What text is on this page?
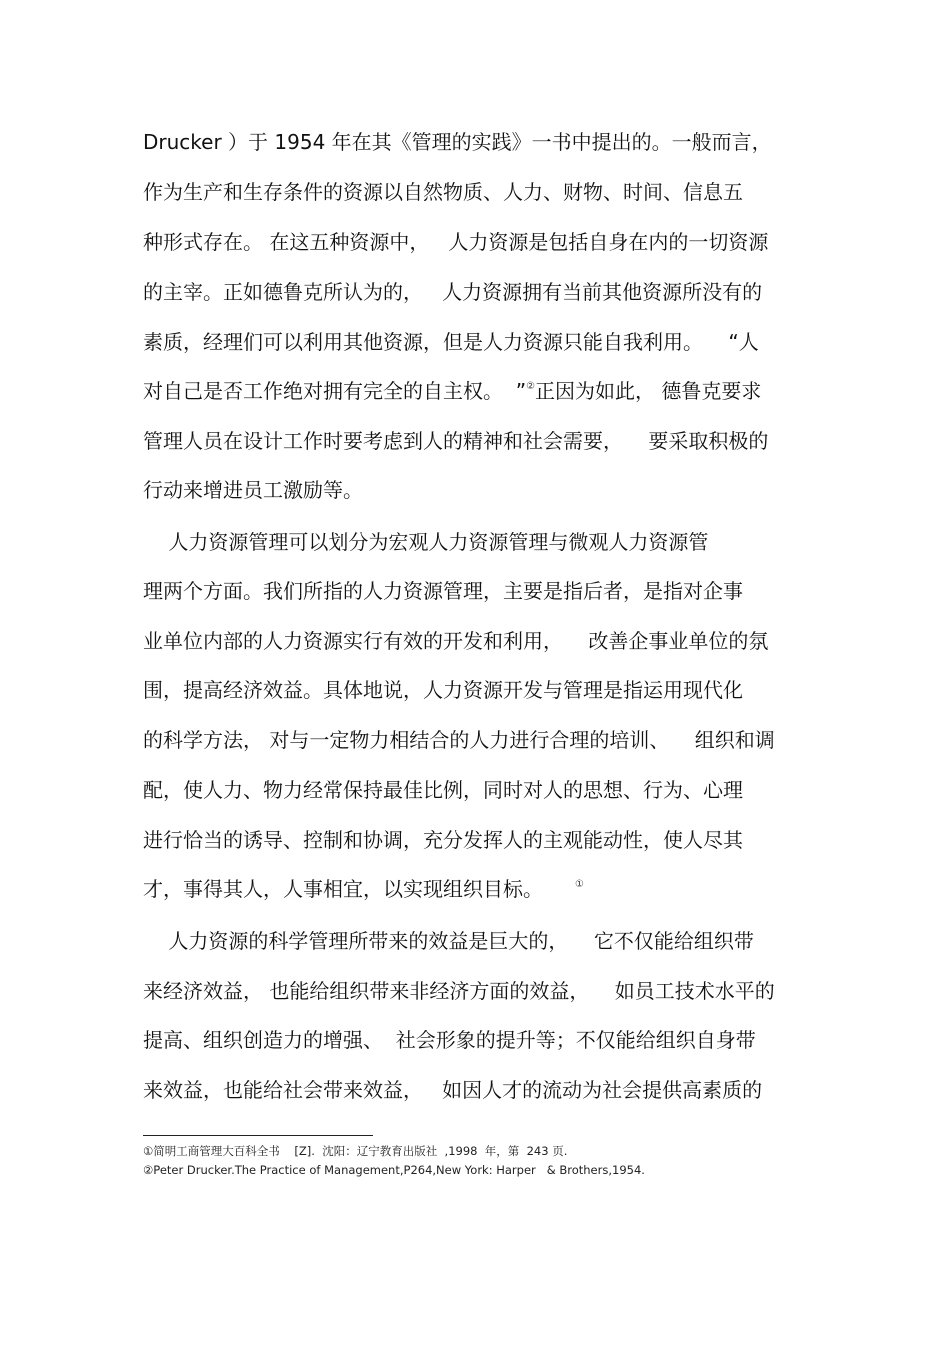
Drucker ）于 1954 年在其《管理的实践》一书中提出的。一般而言，
作为生产和生存条件的资源以自然物质、人力、财物、时间、信息五
种形式存在。 在这五种资源中，   人力资源是包括自身在内的一切资源
的主宰。正如德鲁克所认为的，   人力资源拥有当前其他资源所没有的
素质，经理们可以利用其他资源，但是人力资源只能自我利用。    “人
对自己是否工作绝对拥有完全的自主权。  ”②正因为如此， 德鲁克要求
管理人员在设计工作时要考虑到人的精神和社会需要，    要采取积极的
行动来增进员工激励等。
人力资源管理可以划分为宏观人力资源管理与微观人力资源管
理两个方面。我们所指的人力资源管理，主要是指后者，是指对企事
业单位内部的人力资源实行有效的开发和利用，    改善企事业单位的氛
围，提高经济效益。具体地说，人力资源开发与管理是指运用现代化
的科学方法， 对与一定物力相结合的人力进行合理的培训、    组织和调
配，使人力、物力经常保持最佳比例，同时对人的思想、行为、心理
进行恰当的诱导、控制和协调，充分发挥人的主观能动性，使人尽其
才，事得其人，人事相宜，以实现组织目标。	①
人力资源的科学管理所带来的效益是巨大的，    它不仅能给组织带
来经济效益， 也能给组织带来非经济方面的效益，    如员工技术水平的
提高、组织创造力的增强、  社会形象的提升等；不仅能给组织自身带
来效益，也能给社会带来效益，   如因人才的流动为社会提供高素质的
①简明工商管理大百科全书    [Z].  沈阳：辽宁教育出版社  ,1998  年，第  243 页.
②Peter Drucker.The Practice of Management,P264,New York: Harper   & Brothers,1954.
